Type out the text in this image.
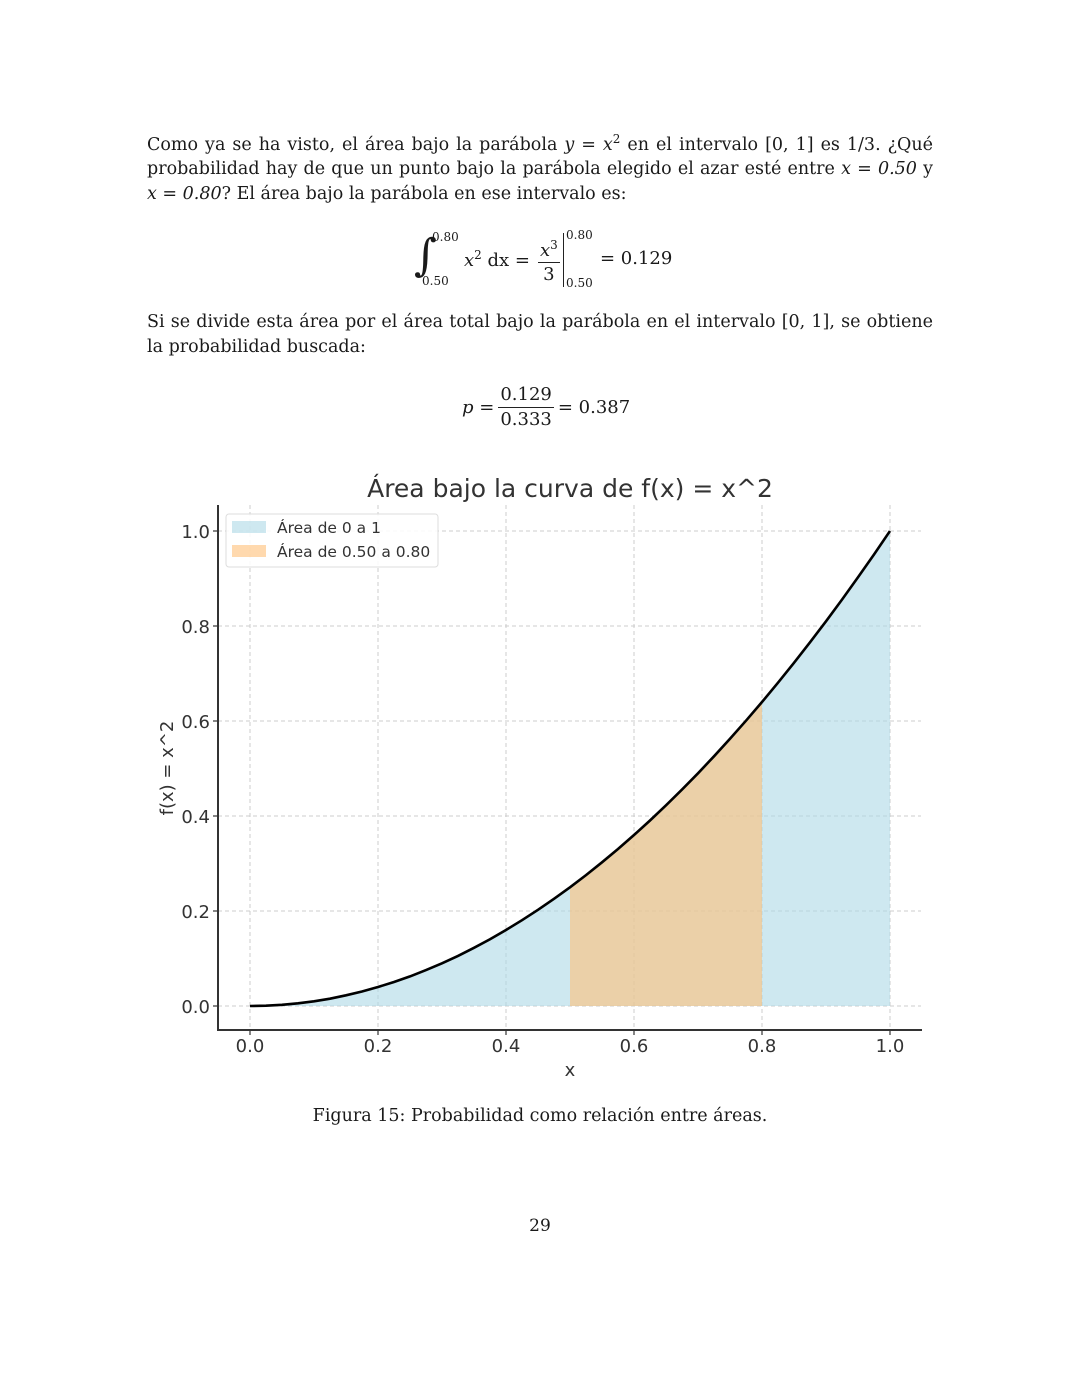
Como ya se ha visto, el área bajo la parábola $y = x^2$ en el intervalo [0, 1] es 1/3. ¿Qué probabilidad hay de que un punto bajo la parábola elegido el azar esté entre x = 0.50 y x = 0.80? El área bajo la parábola en ese intervalo es:
∫
0.80
0.50
$x^2$ dx = $\frac{x^3}{3} 0.80$
0.50
= 0.129
Si se divide esta área por el área total bajo la parábola en el intervalo [0, 1], se obtiene la probabilidad buscada:
$p = \frac{0.129}{0.333} = 0.387$
Área bajo la curva de f(x) = x^2
0.0
0.2
0.4
0.6
0.8
1.0
0.0	0.2	0.4	0.6	0.8	1.0
x
f(x) = x^2
Área de 0 a 1
Área de 0.50 a 0.80
Figura 15: Probabilidad como relación entre áreas.
29
